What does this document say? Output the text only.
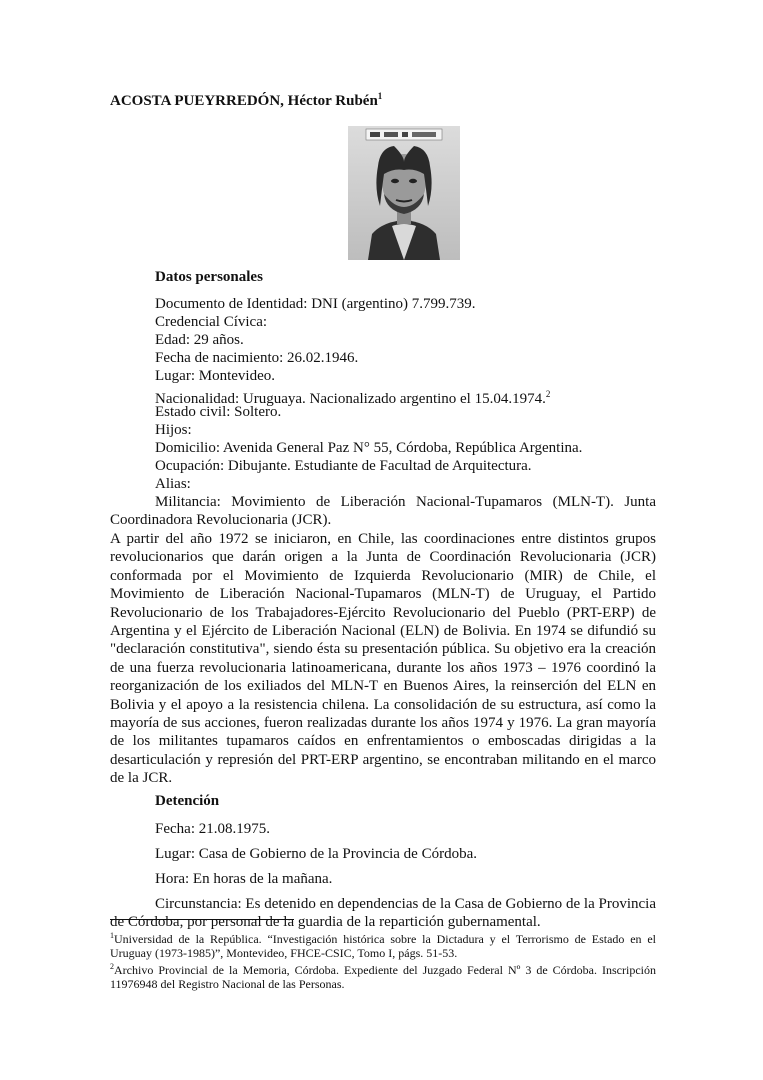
ACOSTA PUEYRREDÓN, Héctor Rubén$^1$
Datos personales
Documento de Identidad: DNI (argentino) 7.799.739.
Credencial Cívica:
Edad: 29 años.
Fecha de nacimiento: 26.02.1946.
Lugar: Montevideo.
Nacionalidad: Uruguaya. Nacionalizado argentino el 15.04.1974.$^2$
Estado civil: Soltero.
Hijos:
Domicilio: Avenida General Paz N° 55, Córdoba, República Argentina.
Ocupación: Dibujante. Estudiante de Facultad de Arquitectura.
Alias:
Militancia: Movimiento de Liberación Nacional-Tupamaros (MLN-T). Junta Coordinadora Revolucionaria (JCR).
A partir del año 1972 se iniciaron, en Chile, las coordinaciones entre distintos grupos revolucionarios que darán origen a la Junta de Coordinación Revolucionaria (JCR) conformada por el Movimiento de Izquierda Revolucionario (MIR) de Chile, el Movimiento de Liberación Nacional-Tupamaros (MLN-T) de Uruguay, el Partido Revolucionario de los Trabajadores-Ejército Revolucionario del Pueblo (PRT-ERP) de Argentina y el Ejército de Liberación Nacional (ELN) de Bolivia. En 1974 se difundió su "declaración constitutiva", siendo ésta su presentación pública. Su objetivo era la creación de una fuerza revolucionaria latinoamericana, durante los años 1973 – 1976 coordinó la reorganización de los exiliados del MLN-T en Buenos Aires, la reinserción del ELN en Bolivia y el apoyo a la resistencia chilena. La consolidación de su estructura, así como la mayoría de sus acciones, fueron realizadas durante los años 1974 y 1976. La gran mayoría de los militantes tupamaros caídos en enfrentamientos o emboscadas dirigidas a la desarticulación y represión del PRT-ERP argentino, se encontraban militando en el marco de la JCR.
Detención
Fecha: 21.08.1975.
Lugar: Casa de Gobierno de la Provincia de Córdoba.
Hora: En horas de la mañana.
Circunstancia: Es detenido en dependencias de la Casa de Gobierno de la Provincia de Córdoba, por personal de la guardia de la repartición gubernamental.
$^1$Universidad de la República. “Investigación histórica sobre la Dictadura y el Terrorismo de Estado en el Uruguay (1973-1985)”, Montevideo, FHCE-CSIC, Tomo I, págs. 51-53.
$^2$Archivo Provincial de la Memoria, Córdoba. Expediente del Juzgado Federal Nº 3 de Córdoba. Inscripción 11976948 del Registro Nacional de las Personas.
